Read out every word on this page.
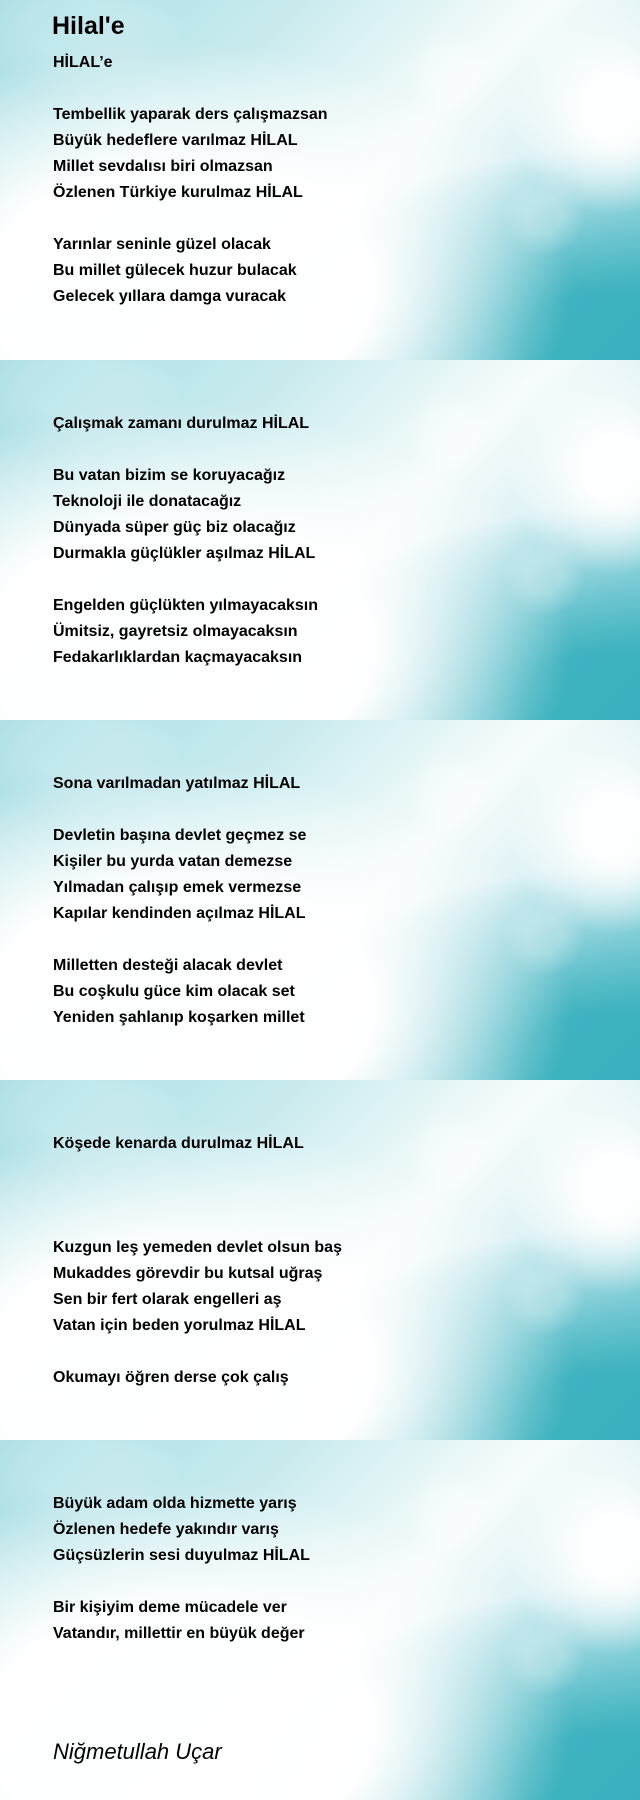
Hilal'e
HİLAL’e
Tembellik yaparak ders çalışmazsan
Büyük hedeflere varılmaz HİLAL
Millet sevdalısı biri olmazsan
Özlenen Türkiye kurulmaz HİLAL
Yarınlar seninle güzel olacak
Bu millet gülecek huzur bulacak
Gelecek yıllara damga vuracak
Çalışmak zamanı durulmaz HİLAL
Bu vatan bizim se koruyacağız
Teknoloji ile donatacağız
Dünyada süper güç biz olacağız
Durmakla güçlükler aşılmaz HİLAL
Engelden güçlükten yılmayacaksın
Ümitsiz, gayretsiz olmayacaksın
Fedakarlıklardan kaçmayacaksın
Sona varılmadan yatılmaz HİLAL
Devletin başına devlet geçmez se
Kişiler bu yurda vatan demezse
Yılmadan çalışıp emek vermezse
Kapılar kendinden açılmaz HİLAL
Milletten desteği alacak devlet
Bu coşkulu güce kim olacak set
Yeniden şahlanıp koşarken millet
Köşede kenarda durulmaz HİLAL
Kuzgun leş yemeden devlet olsun baş
Mukaddes görevdir bu kutsal uğraş
Sen bir fert olarak engelleri aş
Vatan için beden yorulmaz HİLAL
Okumayı öğren derse çok çalış
Büyük adam olda hizmette yarış
Özlenen hedefe yakındır varış
Güçsüzlerin sesi duyulmaz HİLAL
Bir kişiyim deme mücadele ver
Vatandır, millettir en büyük değer

Niğmetullah Uçar
